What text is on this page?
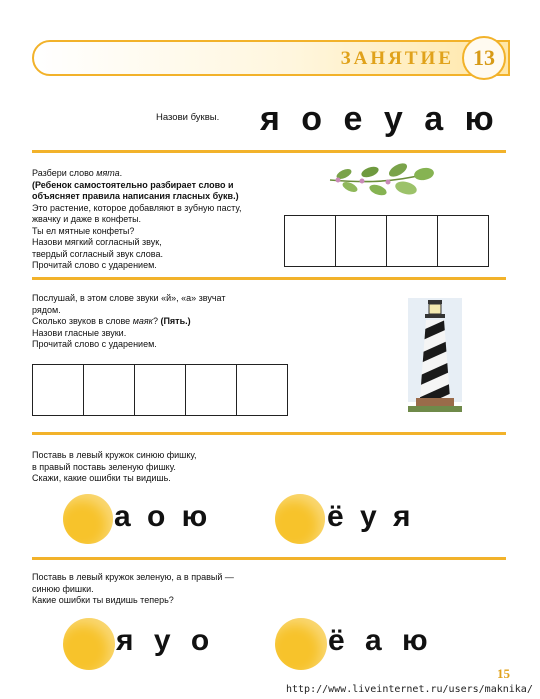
ЗАНЯТИЕ 13
Назови буквы. я о е у а ю
Разбери слово мята.
(Ребенок самостоятельно разбирает слово и
объясняет правила написания гласных букв.)
Это растение, которое добавляют в зубную пасту,
жвачку и даже в конфеты.
Ты ел мятные конфеты?
Назови мягкий согласный звук,
твердый согласный звук слова.
Прочитай слово с ударением.
Послушай, в этом слове звуки «й», «а» звучат
рядом.
Сколько звуков в слове маяк? (Пять.)
Назови гласные звуки.
Прочитай слово с ударением.
Поставь в левый кружок синюю фишку,
в правый поставь зеленую фишку.
Скажи, какие ошибки ты видишь.
а о ю	ё у я
Поставь в левый кружок зеленую, а в правый —
синюю фишки.
Какие ошибки ты видишь теперь?
я у о	ё а ю
15
http://www.liveinternet.ru/users/maknika/
